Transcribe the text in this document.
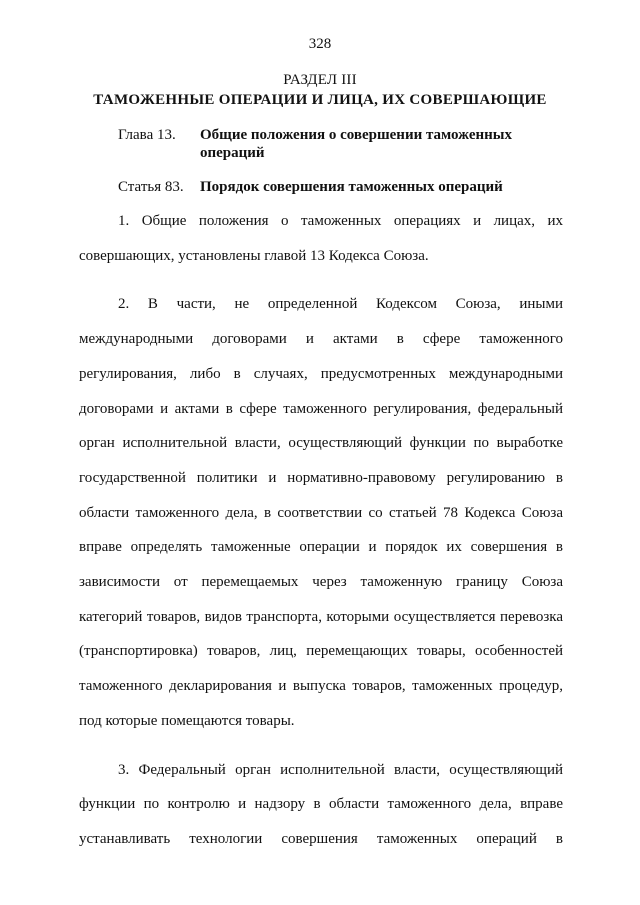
328
РАЗДЕЛ III
ТАМОЖЕННЫЕ ОПЕРАЦИИ И ЛИЦА, ИХ СОВЕРШАЮЩИЕ
Глава 13.	Общие положения о совершении таможенных операций
Статья 83.	Порядок совершения таможенных операций

1. Общие положения о таможенных операциях и лицах, их совершающих, установлены главой 13 Кодекса Союза.

2. В части, не определенной Кодексом Союза, иными международными договорами и актами в сфере таможенного регулирования, либо в случаях, предусмотренных международными договорами и актами в сфере таможенного регулирования, федеральный орган исполнительной власти, осуществляющий функции по выработке государственной политики и нормативно-правовому регулированию в области таможенного дела, в соответствии со статьей 78 Кодекса Союза вправе определять таможенные операции и порядок их совершения в зависимости от перемещаемых через таможенную границу Союза категорий товаров, видов транспорта, которыми осуществляется перевозка (транспортировка) товаров, лиц, перемещающих товары, особенностей таможенного декларирования и выпуска товаров, таможенных процедур, под которые помещаются товары.

3. Федеральный орган исполнительной власти, осуществляющий функции по контролю и надзору в области таможенного дела, вправе устанавливать технологии совершения таможенных операций в
